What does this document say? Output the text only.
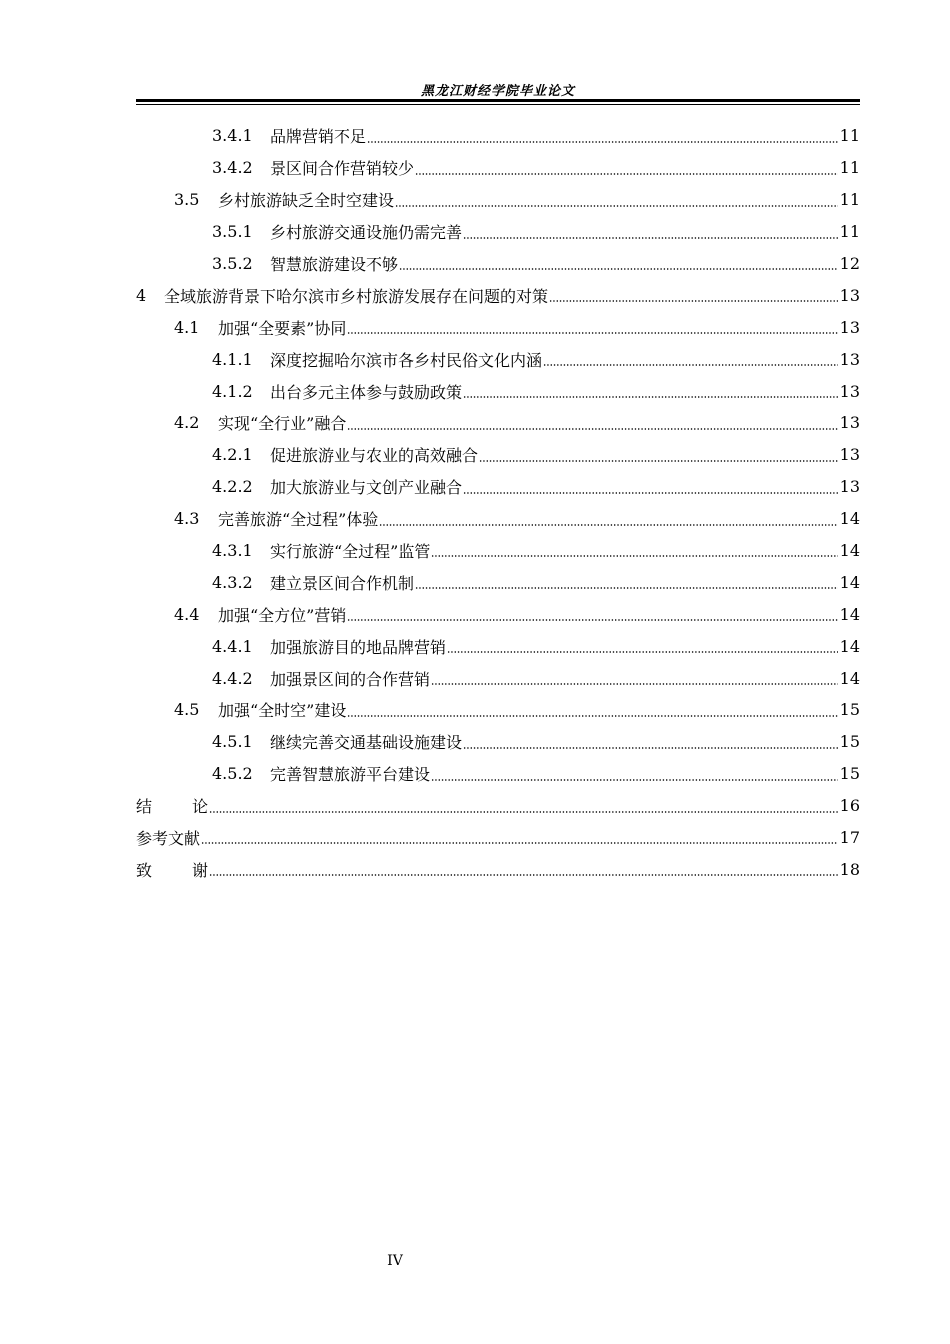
黑龙江财经学院毕业论文
3.4.1	品牌营销不足	11
3.4.2	景区间合作营销较少	11
3.5	乡村旅游缺乏全时空建设	11
3.5.1	乡村旅游交通设施仍需完善	11
3.5.2	智慧旅游建设不够	12
4	全域旅游背景下哈尔滨市乡村旅游发展存在问题的对策	13
4.1	加强“全要素”协同	13
4.1.1	深度挖掘哈尔滨市各乡村民俗文化内涵	13
4.1.2	出台多元主体参与鼓励政策	13
4.2	实现“全行业”融合	13
4.2.1	促进旅游业与农业的高效融合	13
4.2.2	加大旅游业与文创产业融合	13
4.3	完善旅游“全过程”体验	14
4.3.1	实行旅游“全过程”监管	14
4.3.2	建立景区间合作机制	14
4.4	加强“全方位”营销	14
4.4.1	加强旅游目的地品牌营销	14
4.4.2	加强景区间的合作营销	14
4.5	加强“全时空”建设	15
4.5.1	继续完善交通基础设施建设	15
4.5.2	完善智慧旅游平台建设	15
结	论	16
参考文献	17
致	谢	18
IV
